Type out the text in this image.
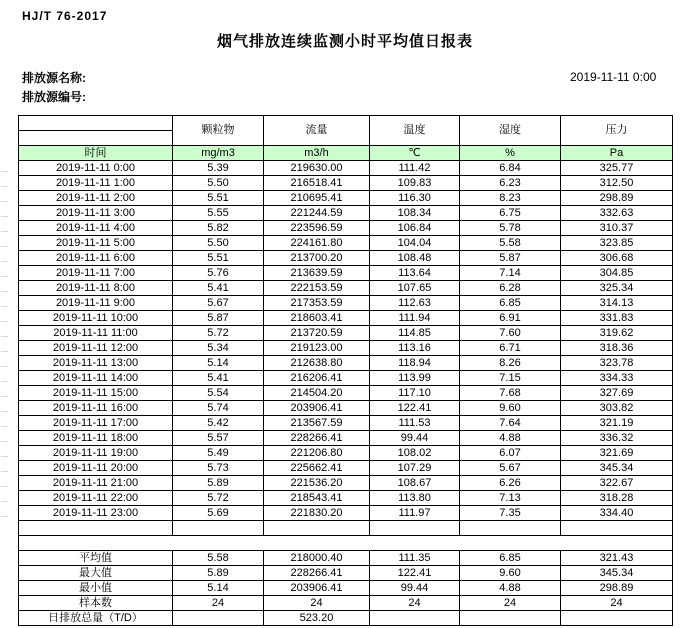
HJ/T 76-2017
烟气排放连续监测小时平均值日报表
排放源名称:	2019-11-11 0:00
排放源编号:
	颗粒物	流量	温度	湿度	压力

时间	mg/m3	m3/h	℃	%	Pa
2019-11-11 0:00	5.39	219630.00	111.42	6.84	325.77
2019-11-11 1:00	5.50	216518.41	109.83	6.23	312.50
2019-11-11 2:00	5.51	210695.41	116.30	8.23	298.89
2019-11-11 3:00	5.55	221244.59	108.34	6.75	332.63
2019-11-11 4:00	5.82	223596.59	106.84	5.78	310.37
2019-11-11 5:00	5.50	224161.80	104.04	5.58	323.85
2019-11-11 6:00	5.51	213700.20	108.48	5.87	306.68
2019-11-11 7:00	5.76	213639.59	113.64	7.14	304.85
2019-11-11 8:00	5.41	222153.59	107.65	6.28	325.34
2019-11-11 9:00	5.67	217353.59	112.63	6.85	314.13
2019-11-11 10:00	5.87	218603.41	111.94	6.91	331.83
2019-11-11 11:00	5.72	213720.59	114.85	7.60	319.62
2019-11-11 12:00	5.34	219123.00	113.16	6.71	318.36
2019-11-11 13:00	5.14	212638.80	118.94	8.26	323.78
2019-11-11 14:00	5.41	216206.41	113.99	7.15	334.33
2019-11-11 15:00	5.54	214504.20	117.10	7.68	327.69
2019-11-11 16:00	5.74	203906.41	122.41	9.60	303.82
2019-11-11 17:00	5.42	213567.59	111.53	7.64	321.19
2019-11-11 18:00	5.57	228266.41	99.44	4.88	336.32
2019-11-11 19:00	5.49	221206.80	108.02	6.07	321.69
2019-11-11 20:00	5.73	225662.41	107.29	5.67	345.34
2019-11-11 21:00	5.89	221536.20	108.67	6.26	322.67
2019-11-11 22:00	5.72	218543.41	113.80	7.13	318.28
2019-11-11 23:00	5.69	221830.20	111.97	7.35	334.40

平均值	5.58	218000.40	111.35	6.85	321.43
最大值	5.89	228266.41	122.41	9.60	345.34
最小值	5.14	203906.41	99.44	4.88	298.89
样本数	24	24	24	24	24
日排放总量（T/D）		523.20			
